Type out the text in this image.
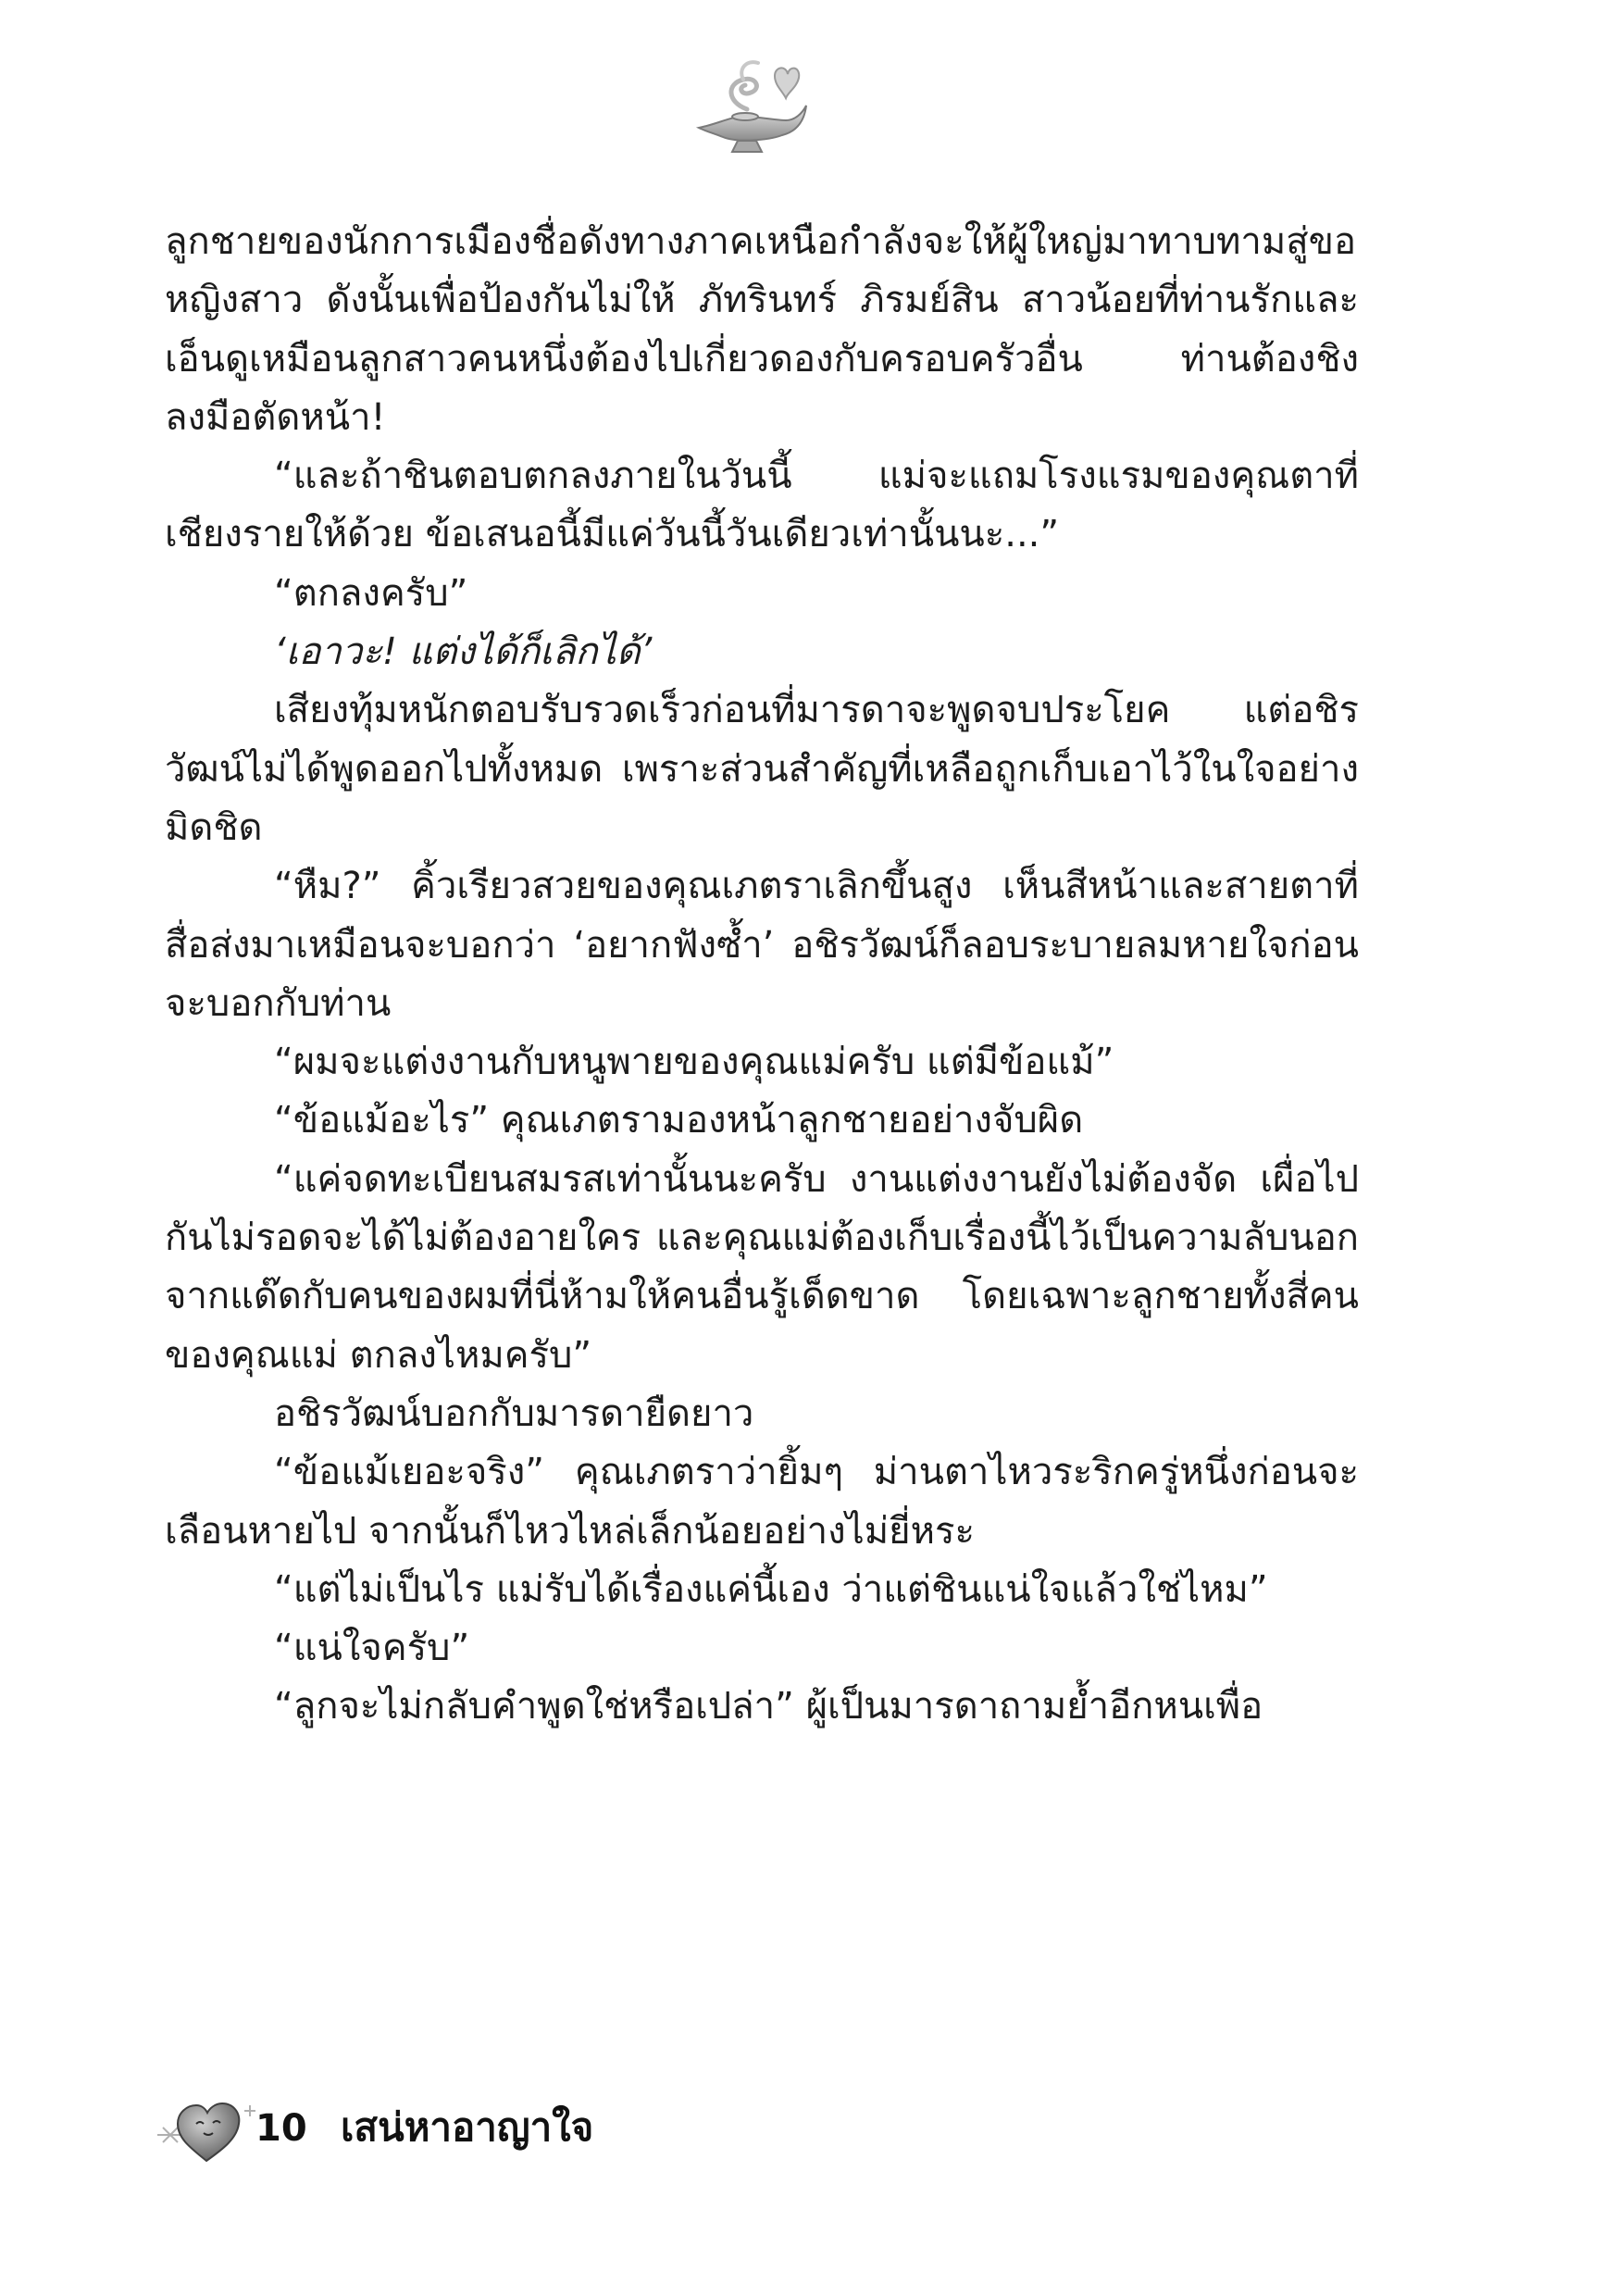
ลูกชายของนักการเมืองชื่อดังทางภาคเหนือกำลังจะให้ผู้ใหญ่มาทาบทามสู่ขอหญิงสาว ดังนั้นเพื่อป้องกันไม่ให้ ภัทรินทร์ ภิรมย์สิน สาวน้อยที่ท่านรักและเอ็นดูเหมือนลูกสาวคนหนึ่งต้องไปเกี่ยวดองกับครอบครัวอื่น ท่านต้องชิงลงมือตัดหน้า!

“และถ้าชินตอบตกลงภายในวันนี้ แม่จะแถมโรงแรมของคุณตาที่เชียงรายให้ด้วย ข้อเสนอนี้มีแค่วันนี้วันเดียวเท่านั้นนะ...”

“ตกลงครับ”

‘เอาวะ! แต่งได้ก็เลิกได้’

เสียงทุ้มหนักตอบรับรวดเร็วก่อนที่มารดาจะพูดจบประโยค แต่อชิรวัฒน์ไม่ได้พูดออกไปทั้งหมด เพราะส่วนสำคัญที่เหลือถูกเก็บเอาไว้ในใจอย่างมิดชิด

“หืม?” คิ้วเรียวสวยของคุณเภตราเลิกขึ้นสูง เห็นสีหน้าและสายตาที่สื่อส่งมาเหมือนจะบอกว่า ‘อยากฟังซ้ำ’ อชิรวัฒน์ก็ลอบระบายลมหายใจก่อนจะบอกกับท่าน

“ผมจะแต่งงานกับหนูพายของคุณแม่ครับ แต่มีข้อแม้”

“ข้อแม้อะไร” คุณเภตรามองหน้าลูกชายอย่างจับผิด

“แค่จดทะเบียนสมรสเท่านั้นนะครับ งานแต่งงานยังไม่ต้องจัด เผื่อไปกันไม่รอดจะได้ไม่ต้องอายใคร และคุณแม่ต้องเก็บเรื่องนี้ไว้เป็นความลับนอกจากแด๊ดกับคนของผมที่นี่ห้ามให้คนอื่นรู้เด็ดขาด โดยเฉพาะลูกชายทั้งสี่คนของคุณแม่ ตกลงไหมครับ”

อชิรวัฒน์บอกกับมารดายืดยาว

“ข้อแม้เยอะจริง” คุณเภตราว่ายิ้มๆ ม่านตาไหวระริกครู่หนึ่งก่อนจะเลือนหายไป จากนั้นก็ไหวไหล่เล็กน้อยอย่างไม่ยี่หระ

“แต่ไม่เป็นไร แม่รับได้เรื่องแค่นี้เอง ว่าแต่ชินแน่ใจแล้วใช่ไหม”

“แน่ใจครับ”

“ลูกจะไม่กลับคำพูดใช่หรือเปล่า” ผู้เป็นมารดาถามย้ำอีกหนเพื่อ

10 เสน่หาอาญาใจ
